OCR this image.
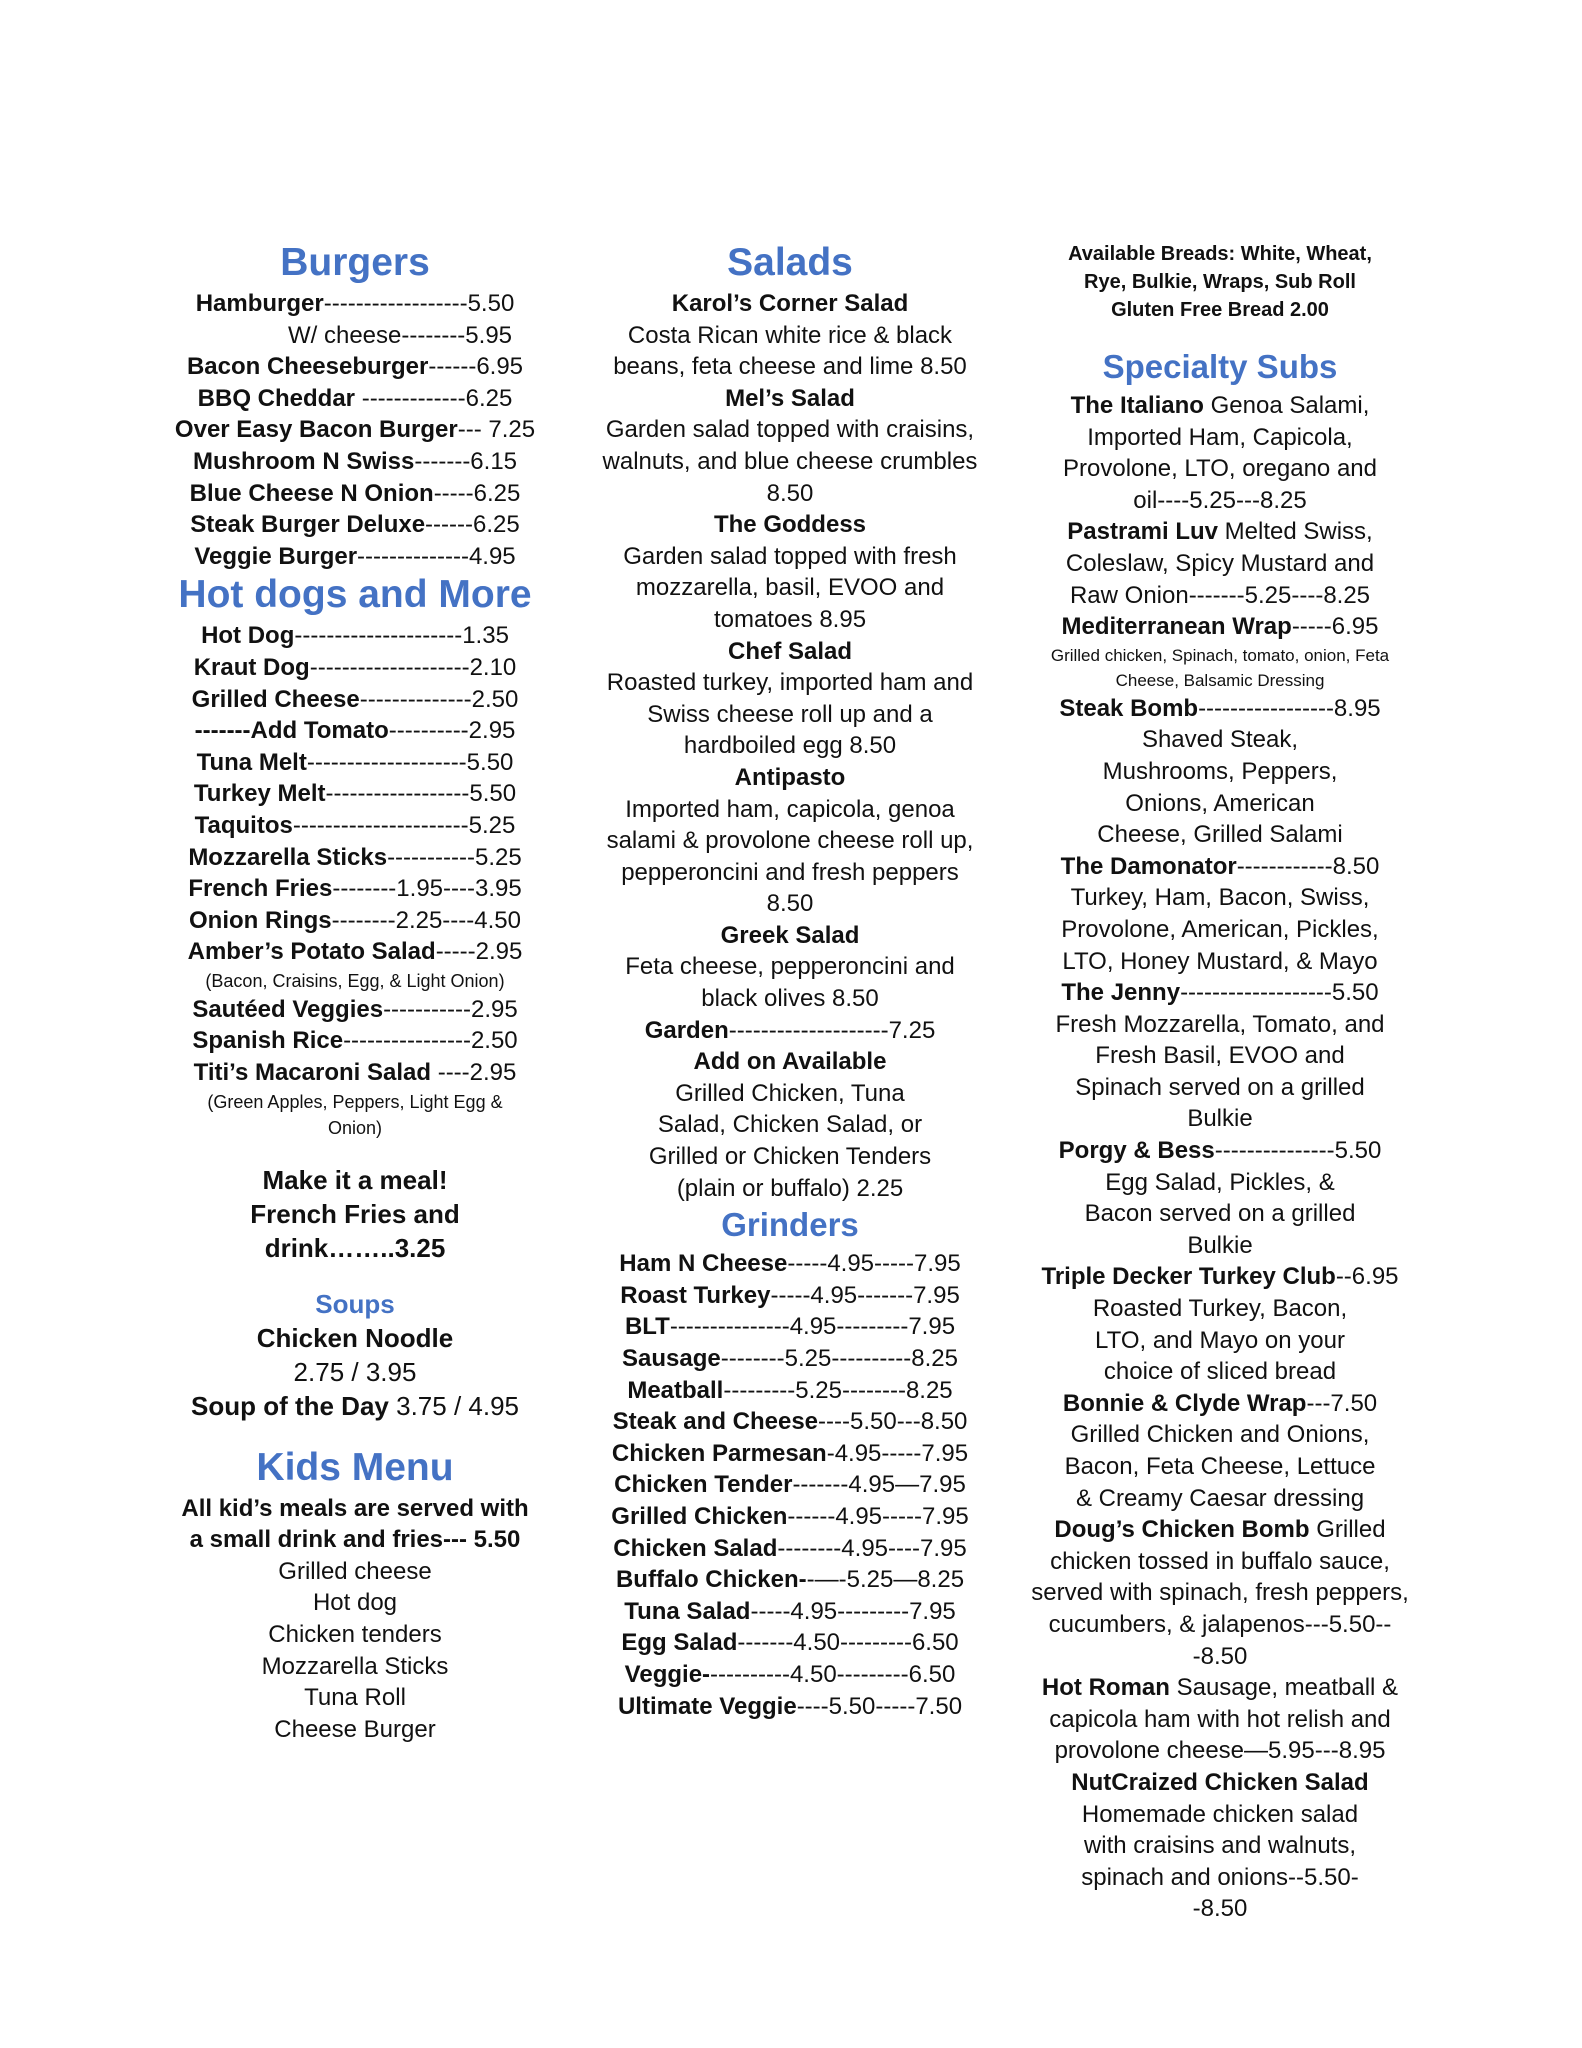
Burgers
Hamburger------------------5.50
W/ cheese--------5.95
Bacon Cheeseburger------6.95
BBQ Cheddar -------------6.25
Over Easy Bacon Burger--- 7.25
Mushroom N Swiss-------6.15
Blue Cheese N Onion-----6.25
Steak Burger Deluxe------6.25
Veggie Burger--------------4.95
Hot dogs and More
Hot Dog---------------------1.35
Kraut Dog--------------------2.10
Grilled Cheese--------------2.50
-------Add Tomato----------2.95
Tuna Melt--------------------5.50
Turkey Melt------------------5.50
Taquitos----------------------5.25
Mozzarella Sticks-----------5.25
French Fries--------1.95----3.95
Onion Rings--------2.25----4.50
Amber’s Potato Salad-----2.95
(Bacon, Craisins, Egg, & Light Onion)
Sautéed Veggies-----------2.95
Spanish Rice----------------2.50
Titi’s Macaroni Salad ----2.95
(Green Apples, Peppers, Light Egg & Onion)
Make it a meal!
French Fries and
drink……..3.25
Soups
Chicken Noodle
2.75 / 3.95
Soup of the Day 3.75 / 4.95
Kids Menu
All kid’s meals are served with
a small drink and fries--- 5.50
Grilled cheese
Hot dog
Chicken tenders
Mozzarella Sticks
Tuna Roll
Cheese Burger
Salads
Karol’s Corner Salad
Costa Rican white rice & black beans, feta cheese and lime 8.50
Mel’s Salad
Garden salad topped with craisins, walnuts, and blue cheese crumbles 8.50
The Goddess
Garden salad topped with fresh mozzarella, basil, EVOO and tomatoes 8.95
Chef Salad
Roasted turkey, imported ham and Swiss cheese roll up and a hardboiled egg 8.50
Antipasto
Imported ham, capicola, genoa salami & provolone cheese roll up, pepperoncini and fresh peppers 8.50
Greek Salad
Feta cheese, pepperoncini and black olives 8.50
Garden--------------------7.25
Add on Available
Grilled Chicken, Tuna Salad, Chicken Salad, or Grilled or Chicken Tenders (plain or buffalo) 2.25
Grinders
Ham N Cheese-----4.95-----7.95
Roast Turkey-----4.95-------7.95
BLT---------------4.95---------7.95
Sausage--------5.25----------8.25
Meatball---------5.25--------8.25
Steak and Cheese----5.50---8.50
Chicken Parmesan-4.95-----7.95
Chicken Tender-------4.95—7.95
Grilled Chicken------4.95-----7.95
Chicken Salad--------4.95----7.95
Buffalo Chicken--—-5.25—8.25
Tuna Salad-----4.95---------7.95
Egg Salad-------4.50---------6.50
Veggie-----------4.50---------6.50
Ultimate Veggie----5.50-----7.50
Available Breads: White, Wheat,
Rye, Bulkie, Wraps, Sub Roll
Gluten Free Bread 2.00
Specialty Subs
The Italiano Genoa Salami, Imported Ham, Capicola, Provolone, LTO, oregano and oil----5.25---8.25
Pastrami Luv Melted Swiss, Coleslaw, Spicy Mustard and Raw Onion-------5.25----8.25
Mediterranean Wrap-----6.95
Grilled chicken, Spinach, tomato, onion, Feta Cheese, Balsamic Dressing
Steak Bomb-----------------8.95
Shaved Steak, Mushrooms, Peppers, Onions, American Cheese, Grilled Salami
The Damonator------------8.50
Turkey, Ham, Bacon, Swiss, Provolone, American, Pickles, LTO, Honey Mustard, & Mayo
The Jenny-------------------5.50
Fresh Mozzarella, Tomato, and Fresh Basil, EVOO and Spinach served on a grilled Bulkie
Porgy & Bess---------------5.50
Egg Salad, Pickles, & Bacon served on a grilled Bulkie
Triple Decker Turkey Club--6.95
Roasted Turkey, Bacon, LTO, and Mayo on your choice of sliced bread
Bonnie & Clyde Wrap---7.50
Grilled Chicken and Onions, Bacon, Feta Cheese, Lettuce & Creamy Caesar dressing
Doug’s Chicken Bomb Grilled chicken tossed in buffalo sauce, served with spinach, fresh peppers, cucumbers, & jalapenos---5.50---8.50
Hot Roman Sausage, meatball & capicola ham with hot relish and provolone cheese—5.95---8.95
NutCraized Chicken Salad
Homemade chicken salad with craisins and walnuts, spinach and onions--5.50--8.50
